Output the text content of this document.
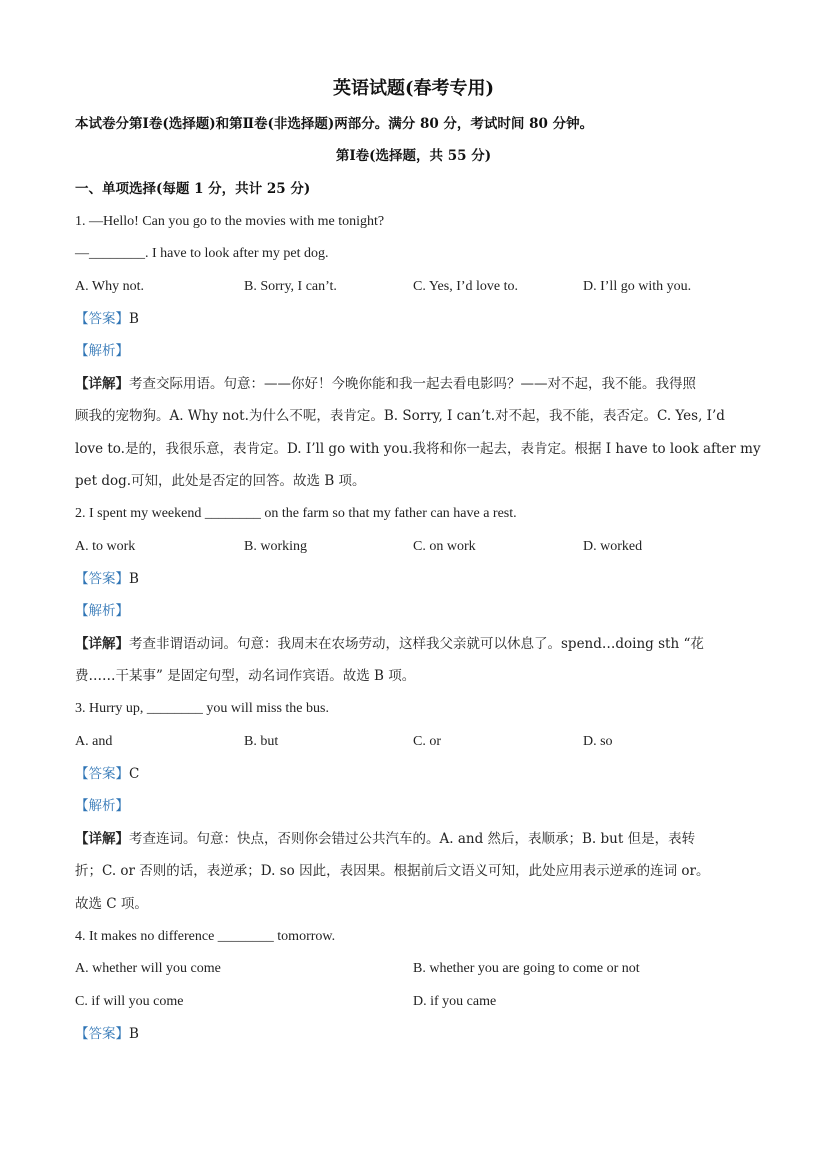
英语试题(春考专用)
本试卷分第Ⅰ卷(选择题)和第Ⅱ卷(非选择题)两部分。满分 80 分，考试时间 80 分钟。
第Ⅰ卷(选择题，共 55 分)
一、单项选择(每题 1 分，共计 25 分)
1. —Hello! Can you go to the movies with me tonight?
—________. I have to look after my pet dog.
A. Why not.	B. Sorry, I can’t.	C. Yes, I’d love to.	D. I’ll go with you.
【答案】B
【解析】
【详解】考查交际用语。句意：——你好！今晚你能和我一起去看电影吗？——对不起，我不能。我得照
顾我的宠物狗。A. Why not.为什么不呢，表肯定。B. Sorry, I can’t.对不起，我不能，表否定。C. Yes, I’d
love to.是的，我很乐意，表肯定。D. I’ll go with you.我将和你一起去，表肯定。根据 I have to look after my
pet dog.可知，此处是否定的回答。故选 B 项。
2. I spent my weekend ________ on the farm so that my father can have a rest.
A. to work	B. working	C. on work	D. worked
【答案】B
【解析】
【详解】考查非谓语动词。句意：我周末在农场劳动，这样我父亲就可以休息了。spend…doing sth “花
费……干某事” 是固定句型，动名词作宾语。故选 B 项。
3. Hurry up, ________ you will miss the bus.
A. and	B. but	C. or	D. so
【答案】C
【解析】
【详解】考查连词。句意：快点，否则你会错过公共汽车的。A. and 然后，表顺承；B. but 但是，表转
折；C. or 否则的话，表逆承；D. so 因此，表因果。根据前后文语义可知，此处应用表示逆承的连词 or。
故选 C 项。
4. It makes no difference ________ tomorrow.
A. whether will you come	B. whether you are going to come or not
C. if will you come	D. if you came
【答案】B
